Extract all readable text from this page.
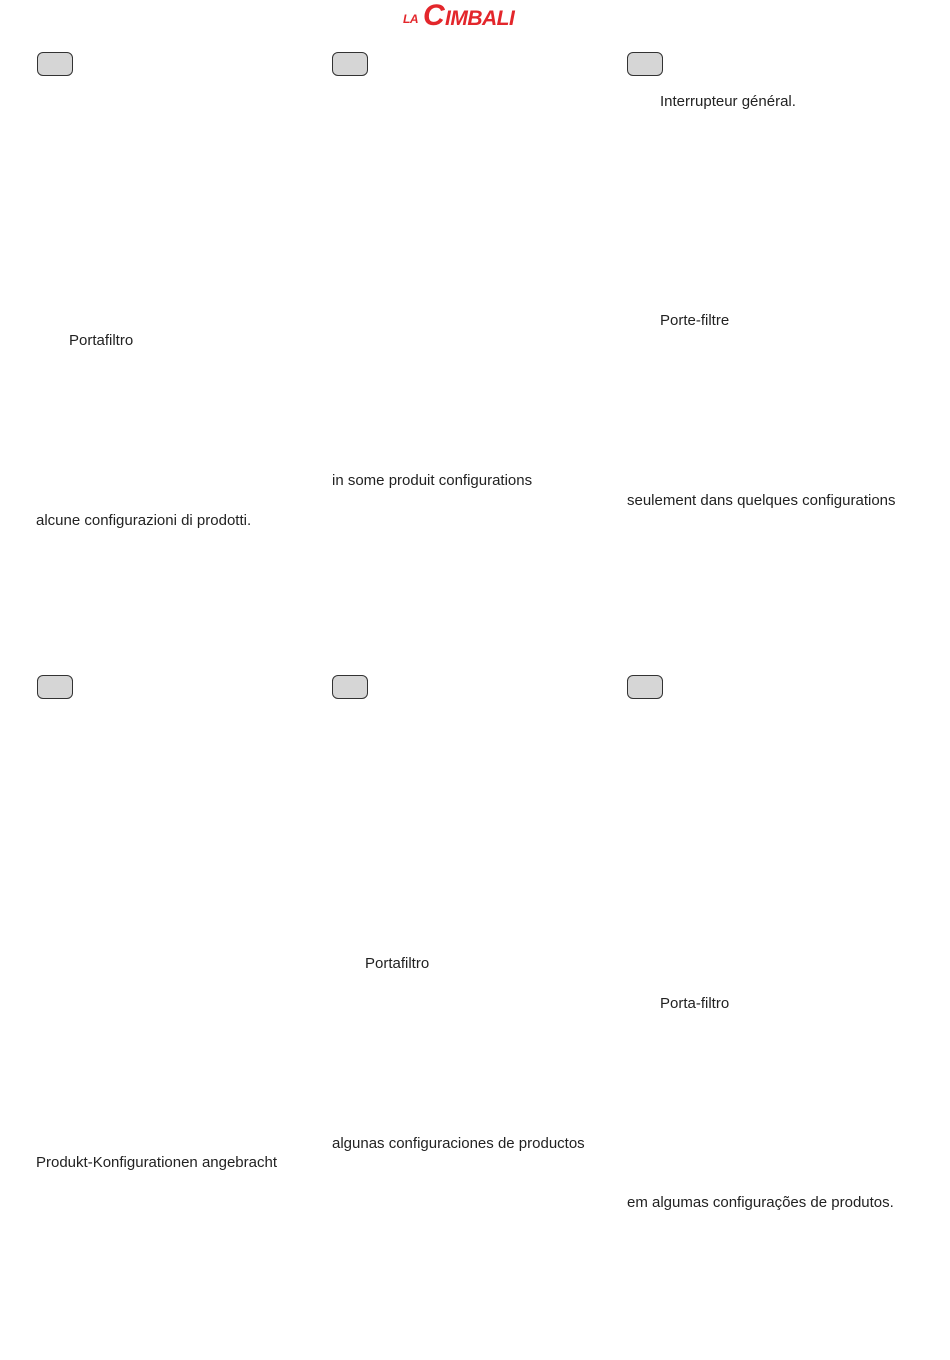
LA C IMBALI
Portafiltro
alcune configurazioni di prodotti.
in some produit configurations
Interrupteur général.
Porte-filtre
seulement dans quelques configurations
Produkt-Konfigurationen angebracht
Portafiltro
algunas configuraciones de productos
Porta-filtro
em algumas configurações de produtos.
